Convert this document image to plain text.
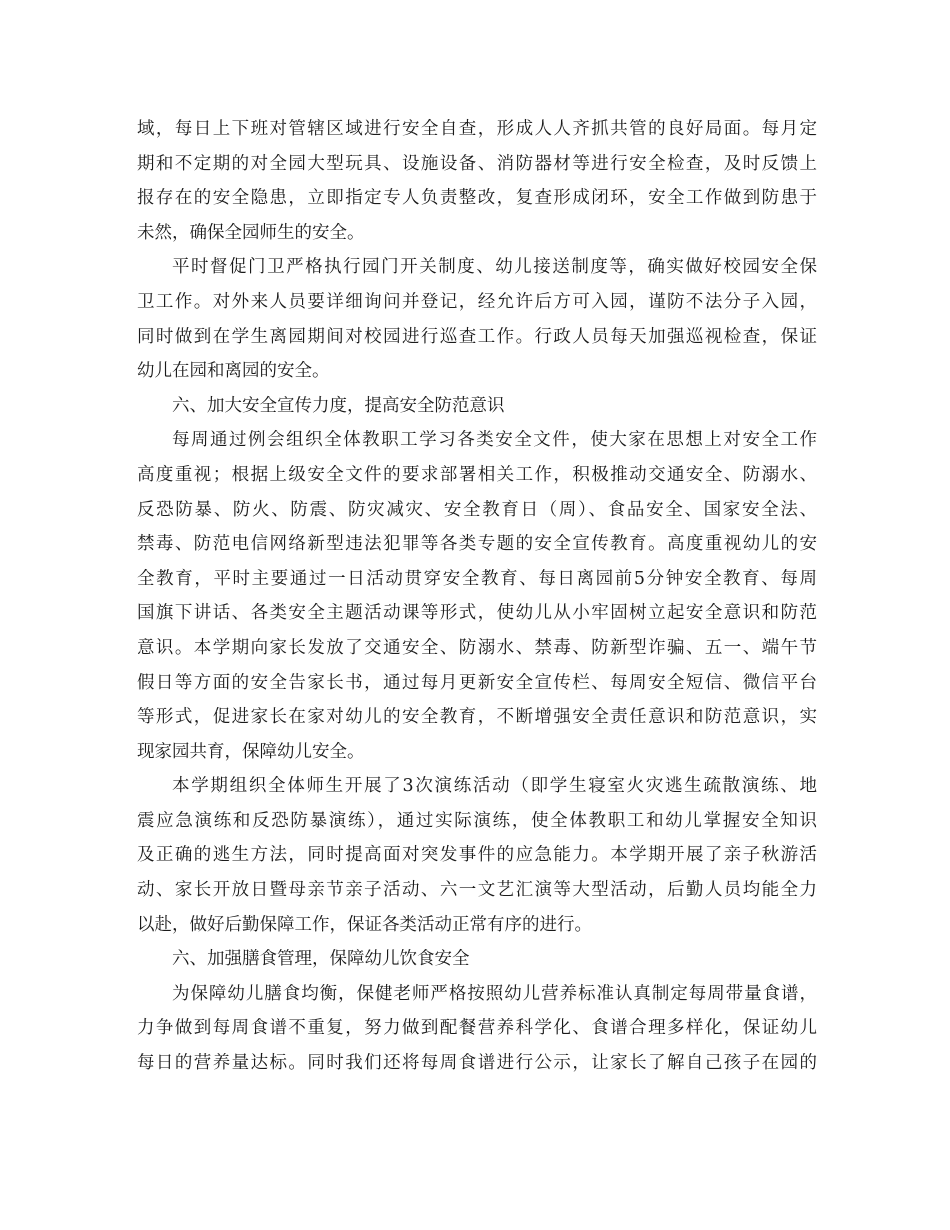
域，每日上下班对管辖区域进行安全自查，形成人人齐抓共管的良好局面。每月定
期和不定期的对全园大型玩具、设施设备、消防器材等进行安全检查，及时反馈上
报存在的安全隐患，立即指定专人负责整改，复查形成闭环，安全工作做到防患于
未然，确保全园师生的安全。
平时督促门卫严格执行园门开关制度、幼儿接送制度等，确实做好校园安全保
卫工作。对外来人员要详细询问并登记，经允许后方可入园，谨防不法分子入园，
同时做到在学生离园期间对校园进行巡查工作。行政人员每天加强巡视检查，保证
幼儿在园和离园的安全。
六、加大安全宣传力度，提高安全防范意识
每周通过例会组织全体教职工学习各类安全文件，使大家在思想上对安全工作
高度重视；根据上级安全文件的要求部署相关工作，积极推动交通安全、防溺水、
反恐防暴、防火、防震、防灾减灾、安全教育日（周）、食品安全、国家安全法、
禁毒、防范电信网络新型违法犯罪等各类专题的安全宣传教育。高度重视幼儿的安
全教育，平时主要通过一日活动贯穿安全教育、每日离园前5分钟安全教育、每周
国旗下讲话、各类安全主题活动课等形式，使幼儿从小牢固树立起安全意识和防范
意识。本学期向家长发放了交通安全、防溺水、禁毒、防新型诈骗、五一、端午节
假日等方面的安全告家长书，通过每月更新安全宣传栏、每周安全短信、微信平台
等形式，促进家长在家对幼儿的安全教育，不断增强安全责任意识和防范意识，实
现家园共育，保障幼儿安全。
本学期组织全体师生开展了3次演练活动（即学生寝室火灾逃生疏散演练、地
震应急演练和反恐防暴演练），通过实际演练，使全体教职工和幼儿掌握安全知识
及正确的逃生方法，同时提高面对突发事件的应急能力。本学期开展了亲子秋游活
动、家长开放日暨母亲节亲子活动、六一文艺汇演等大型活动，后勤人员均能全力
以赴，做好后勤保障工作，保证各类活动正常有序的进行。
六、加强膳食管理，保障幼儿饮食安全
为保障幼儿膳食均衡，保健老师严格按照幼儿营养标准认真制定每周带量食谱，
力争做到每周食谱不重复，努力做到配餐营养科学化、食谱合理多样化，保证幼儿
每日的营养量达标。同时我们还将每周食谱进行公示，让家长了解自己孩子在园的
